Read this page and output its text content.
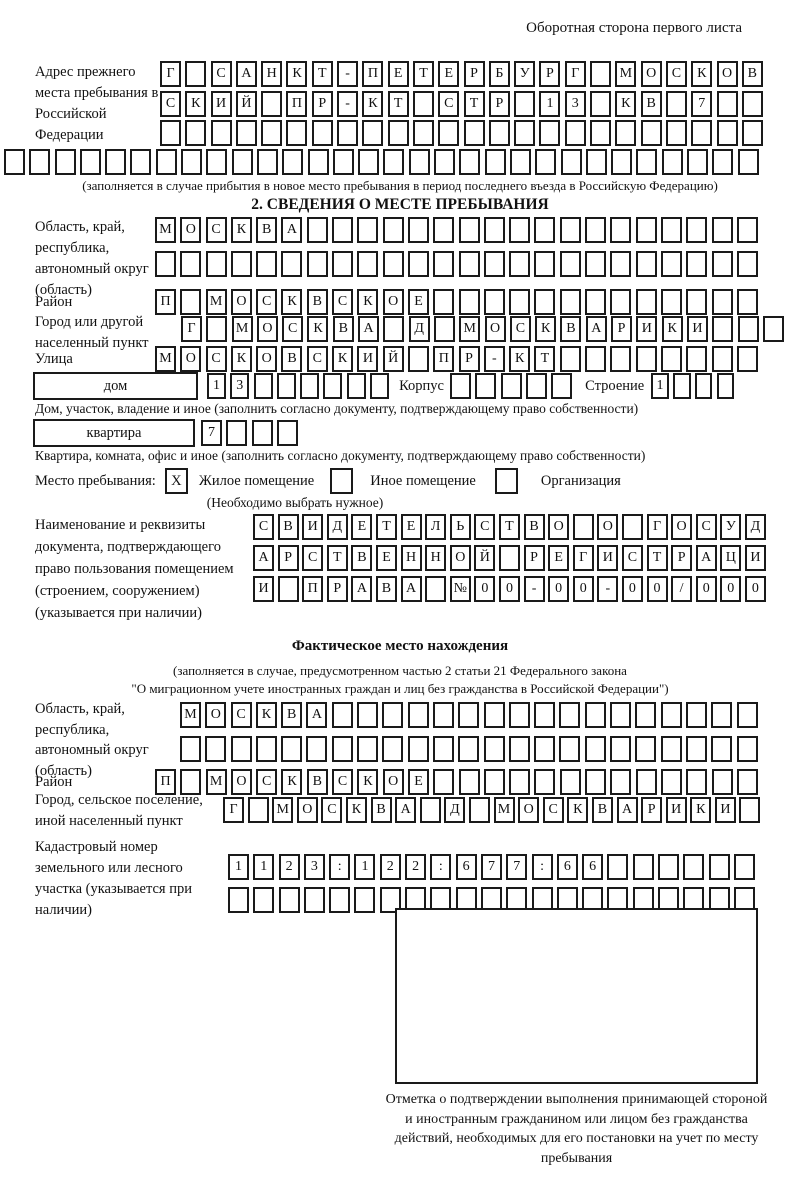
Оборотная сторона первого листа
Адрес прежнего места пребывания в Российской Федерации
Г	С	А	Н	К	Т	-	П	Е	Т	Е	Р	Б	У	Р	Г	М	О	С	К	О	В
С	К	И	Й	П	Р	-	К	Т	С	Т	Р	1	3	К	В	7
(заполняется в случае прибытия в новое место пребывания в период последнего въезда в Российскую Федерацию)
2. СВЕДЕНИЯ О МЕСТЕ ПРЕБЫВАНИЯ
Область, край, республика, автономный округ (область)
М	О	С	К	В	А
Район	П	М	О	С	К	В	С	К	О	Е
Город или другой населенный пункт
Г	М	О	С	К	В	А	Д	М	О	С	К	В	А	Р	И	К	И
Улица	М	О	С	К	О	В	С	К	И	Й	П	Р	-	К	Т
дом	1	3	Корпус	Строение 1
Дом, участок, владение и иное (заполнить согласно документу, подтверждающему право собственности)
квартира	7
Квартира, комната, офис и иное (заполнить согласно документу, подтверждающему право собственности)
Место пребывания:	X	Жилое помещение	Иное помещение	Организация
(Необходимо выбрать нужное)
Наименование и реквизиты документа, подтверждающего право пользования помещением (строением, сооружением) (указывается при наличии)
С	В	И	Д	Е	Т	Е	Л	Ь	С	Т	В	О	О	Г	О	С	У	Д
А	Р	С	Т	В	Е	Н	Н	О	Й	Р	Е	Г	И	С	Т	Р	А	Ц	И
И	П	Р	А	В	А	№	0	0	-	0	0	-	0	0	/	0	0	0
Фактическое место нахождения
(заполняется в случае, предусмотренном частью 2 статьи 21 Федерального закона
"О миграционном учете иностранных граждан и лиц без гражданства в Российской Федерации")
Область, край, республика, автономный округ (область)
М	О	С	К	В	А
Район	П	М	О	С	К	В	С	К	О	Е
Город, сельское поселение, иной населенный пункт
Г	М О	С	К	В	А	Д	М О	С	К	В	А	Р	И	К	И
Кадастровый номер земельного или лесного участка (указывается при наличии)
1	1	2	3	:	1	2	2	:	6	7	7	:	6	6
Отметка о подтверждении выполнения принимающей стороной и иностранным гражданином или лицом без гражданства действий, необходимых для его постановки на учет по месту пребывания
